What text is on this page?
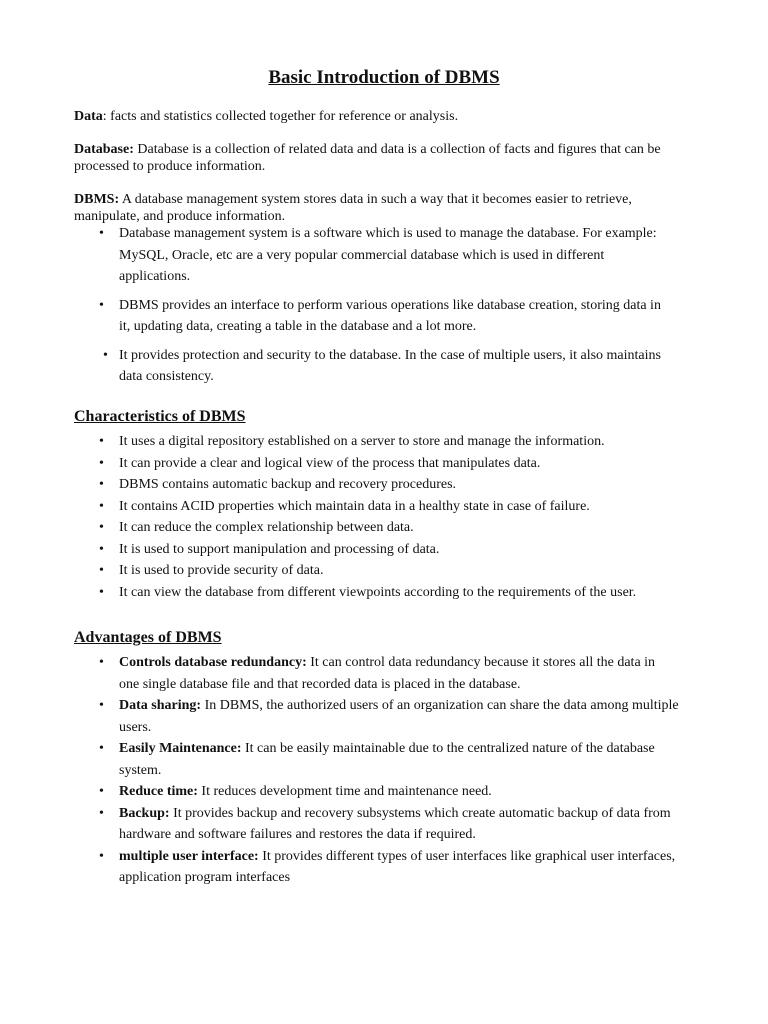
Basic Introduction of DBMS

Data: facts and statistics collected together for reference or analysis.

Database: Database is a collection of related data and data is a collection of facts and figures that can be processed to produce information.

DBMS: A database management system stores data in such a way that it becomes easier to retrieve, manipulate, and produce information.

• Database management system is a software which is used to manage the database. For example: MySQL, Oracle, etc are a very popular commercial database which is used in different applications.
• DBMS provides an interface to perform various operations like database creation, storing data in it, updating data, creating a table in the database and a lot more.
• It provides protection and security to the database. In the case of multiple users, it also maintains data consistency.
Characteristics of DBMS
• It uses a digital repository established on a server to store and manage the information.
• It can provide a clear and logical view of the process that manipulates data.
• DBMS contains automatic backup and recovery procedures.
• It contains ACID properties which maintain data in a healthy state in case of failure.
• It can reduce the complex relationship between data.
• It is used to support manipulation and processing of data.
• It is used to provide security of data.
• It can view the database from different viewpoints according to the requirements of the user.
Advantages of DBMS
• Controls database redundancy: It can control data redundancy because it stores all the data in one single database file and that recorded data is placed in the database.
• Data sharing: In DBMS, the authorized users of an organization can share the data among multiple users.
• Easily Maintenance: It can be easily maintainable due to the centralized nature of the database system.
• Reduce time: It reduces development time and maintenance need.
• Backup: It provides backup and recovery subsystems which create automatic backup of data from hardware and software failures and restores the data if required.
• multiple user interface: It provides different types of user interfaces like graphical user interfaces, application program interfaces
